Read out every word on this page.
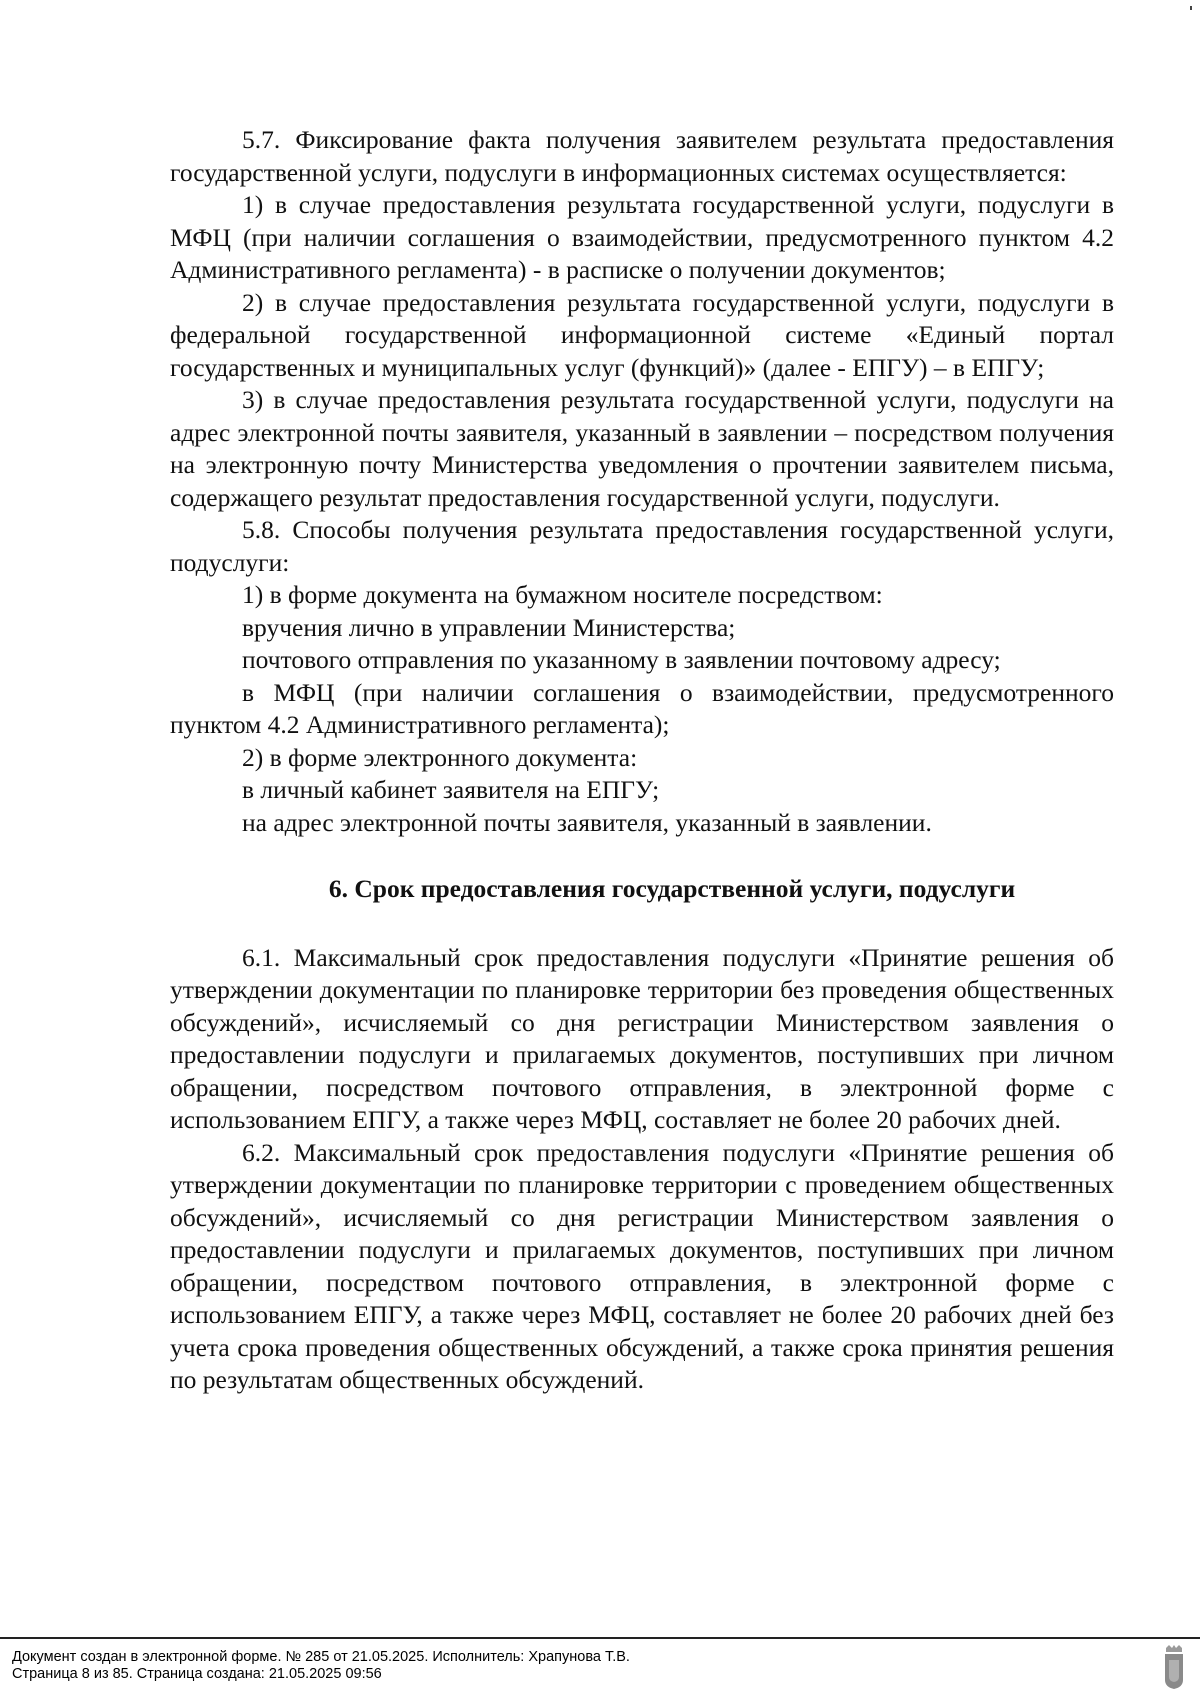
5.7. Фиксирование факта получения заявителем результата предоставления государственной услуги, подуслуги в информационных системах осуществляется:

1) в случае предоставления результата государственной услуги, подуслуги в МФЦ (при наличии соглашения о взаимодействии, предусмотренного пунктом 4.2 Административного регламента) - в расписке о получении документов;

2) в случае предоставления результата государственной услуги, подуслуги в федеральной государственной информационной системе «Единый портал государственных и муниципальных услуг (функций)» (далее - ЕПГУ) – в ЕПГУ;

3) в случае предоставления результата государственной услуги, подуслуги на адрес электронной почты заявителя, указанный в заявлении – посредством получения на электронную почту Министерства уведомления о прочтении заявителем письма, содержащего результат предоставления государственной услуги, подуслуги.

5.8. Способы получения результата предоставления государственной услуги, подуслуги:

1) в форме документа на бумажном носителе посредством:

вручения лично в управлении Министерства;

почтового отправления по указанному в заявлении почтовому адресу;

в МФЦ (при наличии соглашения о взаимодействии, предусмотренного пунктом 4.2 Административного регламента);

2) в форме электронного документа:

в личный кабинет заявителя на ЕПГУ;

на адрес электронной почты заявителя, указанный в заявлении.

6. Срок предоставления государственной услуги, подуслуги

6.1. Максимальный срок предоставления подуслуги «Принятие решения об утверждении документации по планировке территории без проведения общественных обсуждений», исчисляемый со дня регистрации Министерством заявления о предоставлении подуслуги и прилагаемых документов, поступивших при личном обращении, посредством почтового отправления, в электронной форме с использованием ЕПГУ, а также через МФЦ, составляет не более 20 рабочих дней.

6.2. Максимальный срок предоставления подуслуги «Принятие решения об утверждении документации по планировке территории с проведением общественных обсуждений», исчисляемый со дня регистрации Министерством заявления о предоставлении подуслуги и прилагаемых документов, поступивших при личном обращении, посредством почтового отправления, в электронной форме с использованием ЕПГУ, а также через МФЦ, составляет не более 20 рабочих дней без учета срока проведения общественных обсуждений, а также срока принятия решения по результатам общественных обсуждений.

Документ создан в электронной форме. № 285 от 21.05.2025. Исполнитель: Храпунова Т.В.
Страница 8 из 85. Страница создана: 21.05.2025 09:56
